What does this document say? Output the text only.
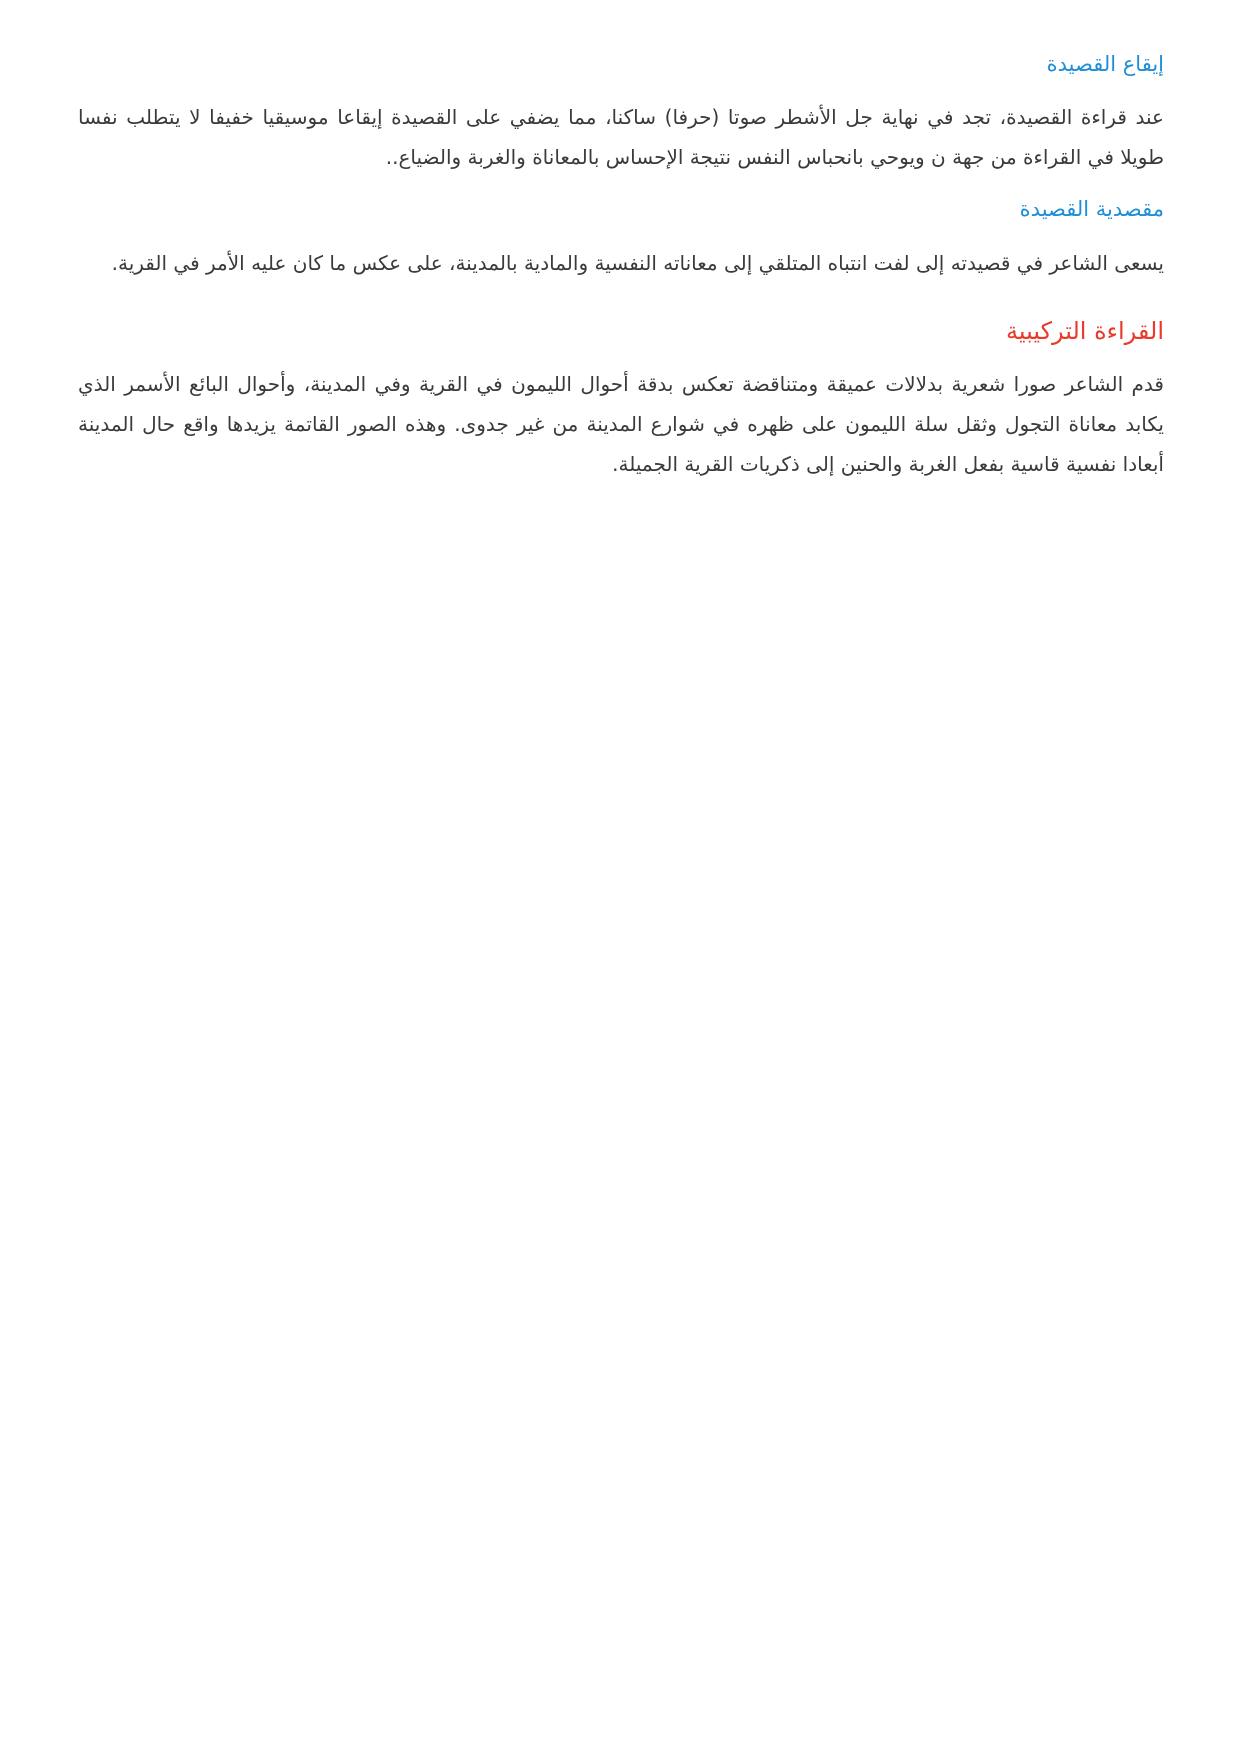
إيقاع القصيدة

عند قراءة القصيدة، تجد في نهاية جل الأشطر صوتا (حرفا) ساكنا، مما يضفي على القصيدة إيقاعا موسيقيا خفيفا لا يتطلب نفسا طويلا في القراءة من جهة ن ويوحي بانحباس النفس نتيجة الإحساس بالمعاناة والغربة والضياع..

مقصدية القصيدة

يسعى الشاعر في قصيدته إلى لفت انتباه المتلقي إلى معاناته النفسية والمادية بالمدينة، على عكس ما كان عليه الأمر في القرية.

القراءة التركيبية

قدم الشاعر صورا شعرية بدلالات عميقة ومتناقضة تعكس بدقة أحوال الليمون في القرية وفي المدينة، وأحوال البائع الأسمر الذي يكابد معاناة التجول وثقل سلة الليمون على ظهره في شوارع المدينة من غير جدوى. وهذه الصور القاتمة يزيدها واقع حال المدينة أبعادا نفسية قاسية بفعل الغربة والحنين إلى ذكريات القرية الجميلة.
